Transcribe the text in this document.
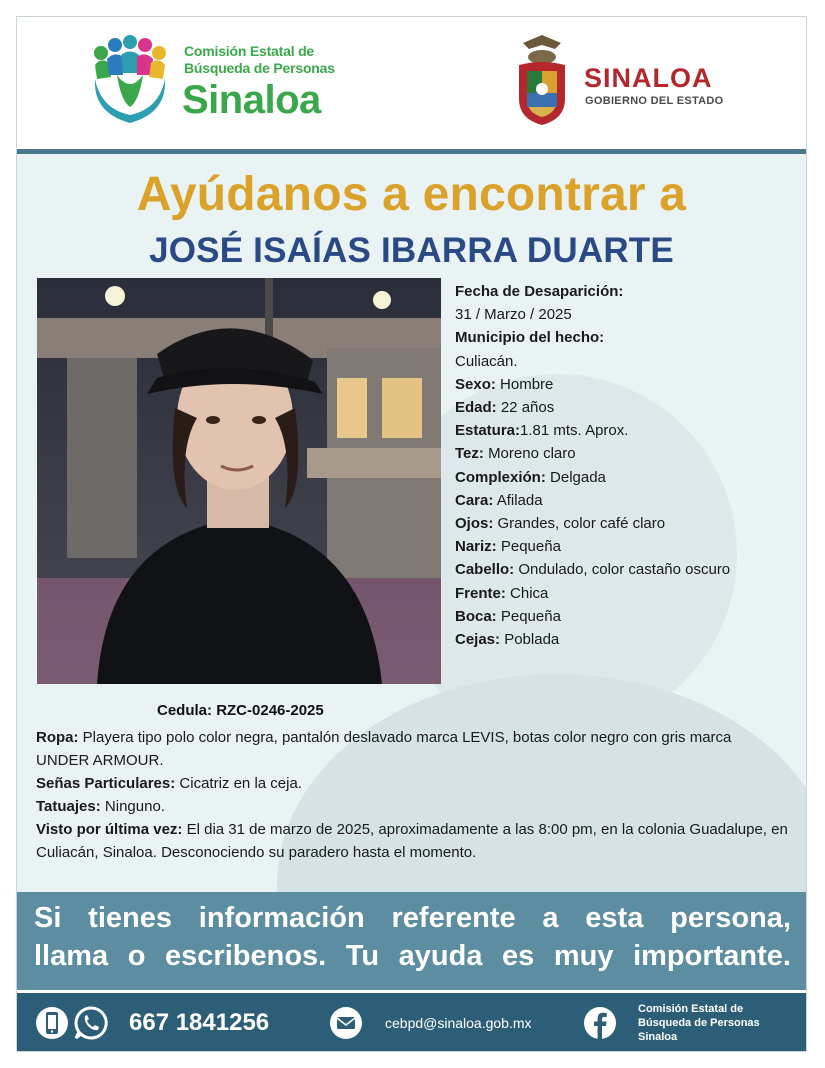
Comisión Estatal de
Búsqueda de Personas
Sinaloa	SINALOA
GOBIERNO DEL ESTADO
Ayúdanos a encontrar a
JOSÉ ISAÍAS IBARRA DUARTE
Fecha de Desaparición:
31 / Marzo / 2025
Municipio del hecho:
Culiacán.
Sexo: Hombre
Edad: 22 años
Estatura:1.81 mts. Aprox.
Tez: Moreno claro
Complexión: Delgada
Cara: Afilada
Ojos: Grandes, color café claro
Nariz: Pequeña
Cabello: Ondulado, color castaño oscuro
Frente: Chica
Boca: Pequeña
Cejas: Poblada
Cedula: RZC-0246-2025
Ropa: Playera tipo polo color negra, pantalón deslavado marca LEVIS, botas color negro con gris marca UNDER ARMOUR.
Señas Particulares: Cicatriz en la ceja.
Tatuajes: Ninguno.
Visto por última vez: El dia 31 de marzo de 2025, aproximadamente a las 8:00 pm, en la colonia Guadalupe, en Culiacán, Sinaloa. Desconociendo su paradero hasta el momento.
Si tienes información referente a esta persona,
llama o escribenos. Tu ayuda es muy importante.
667 1841256	cebpd@sinaloa.gob.mx
Comisión Estatal de
Búsqueda de Personas
Sinaloa
